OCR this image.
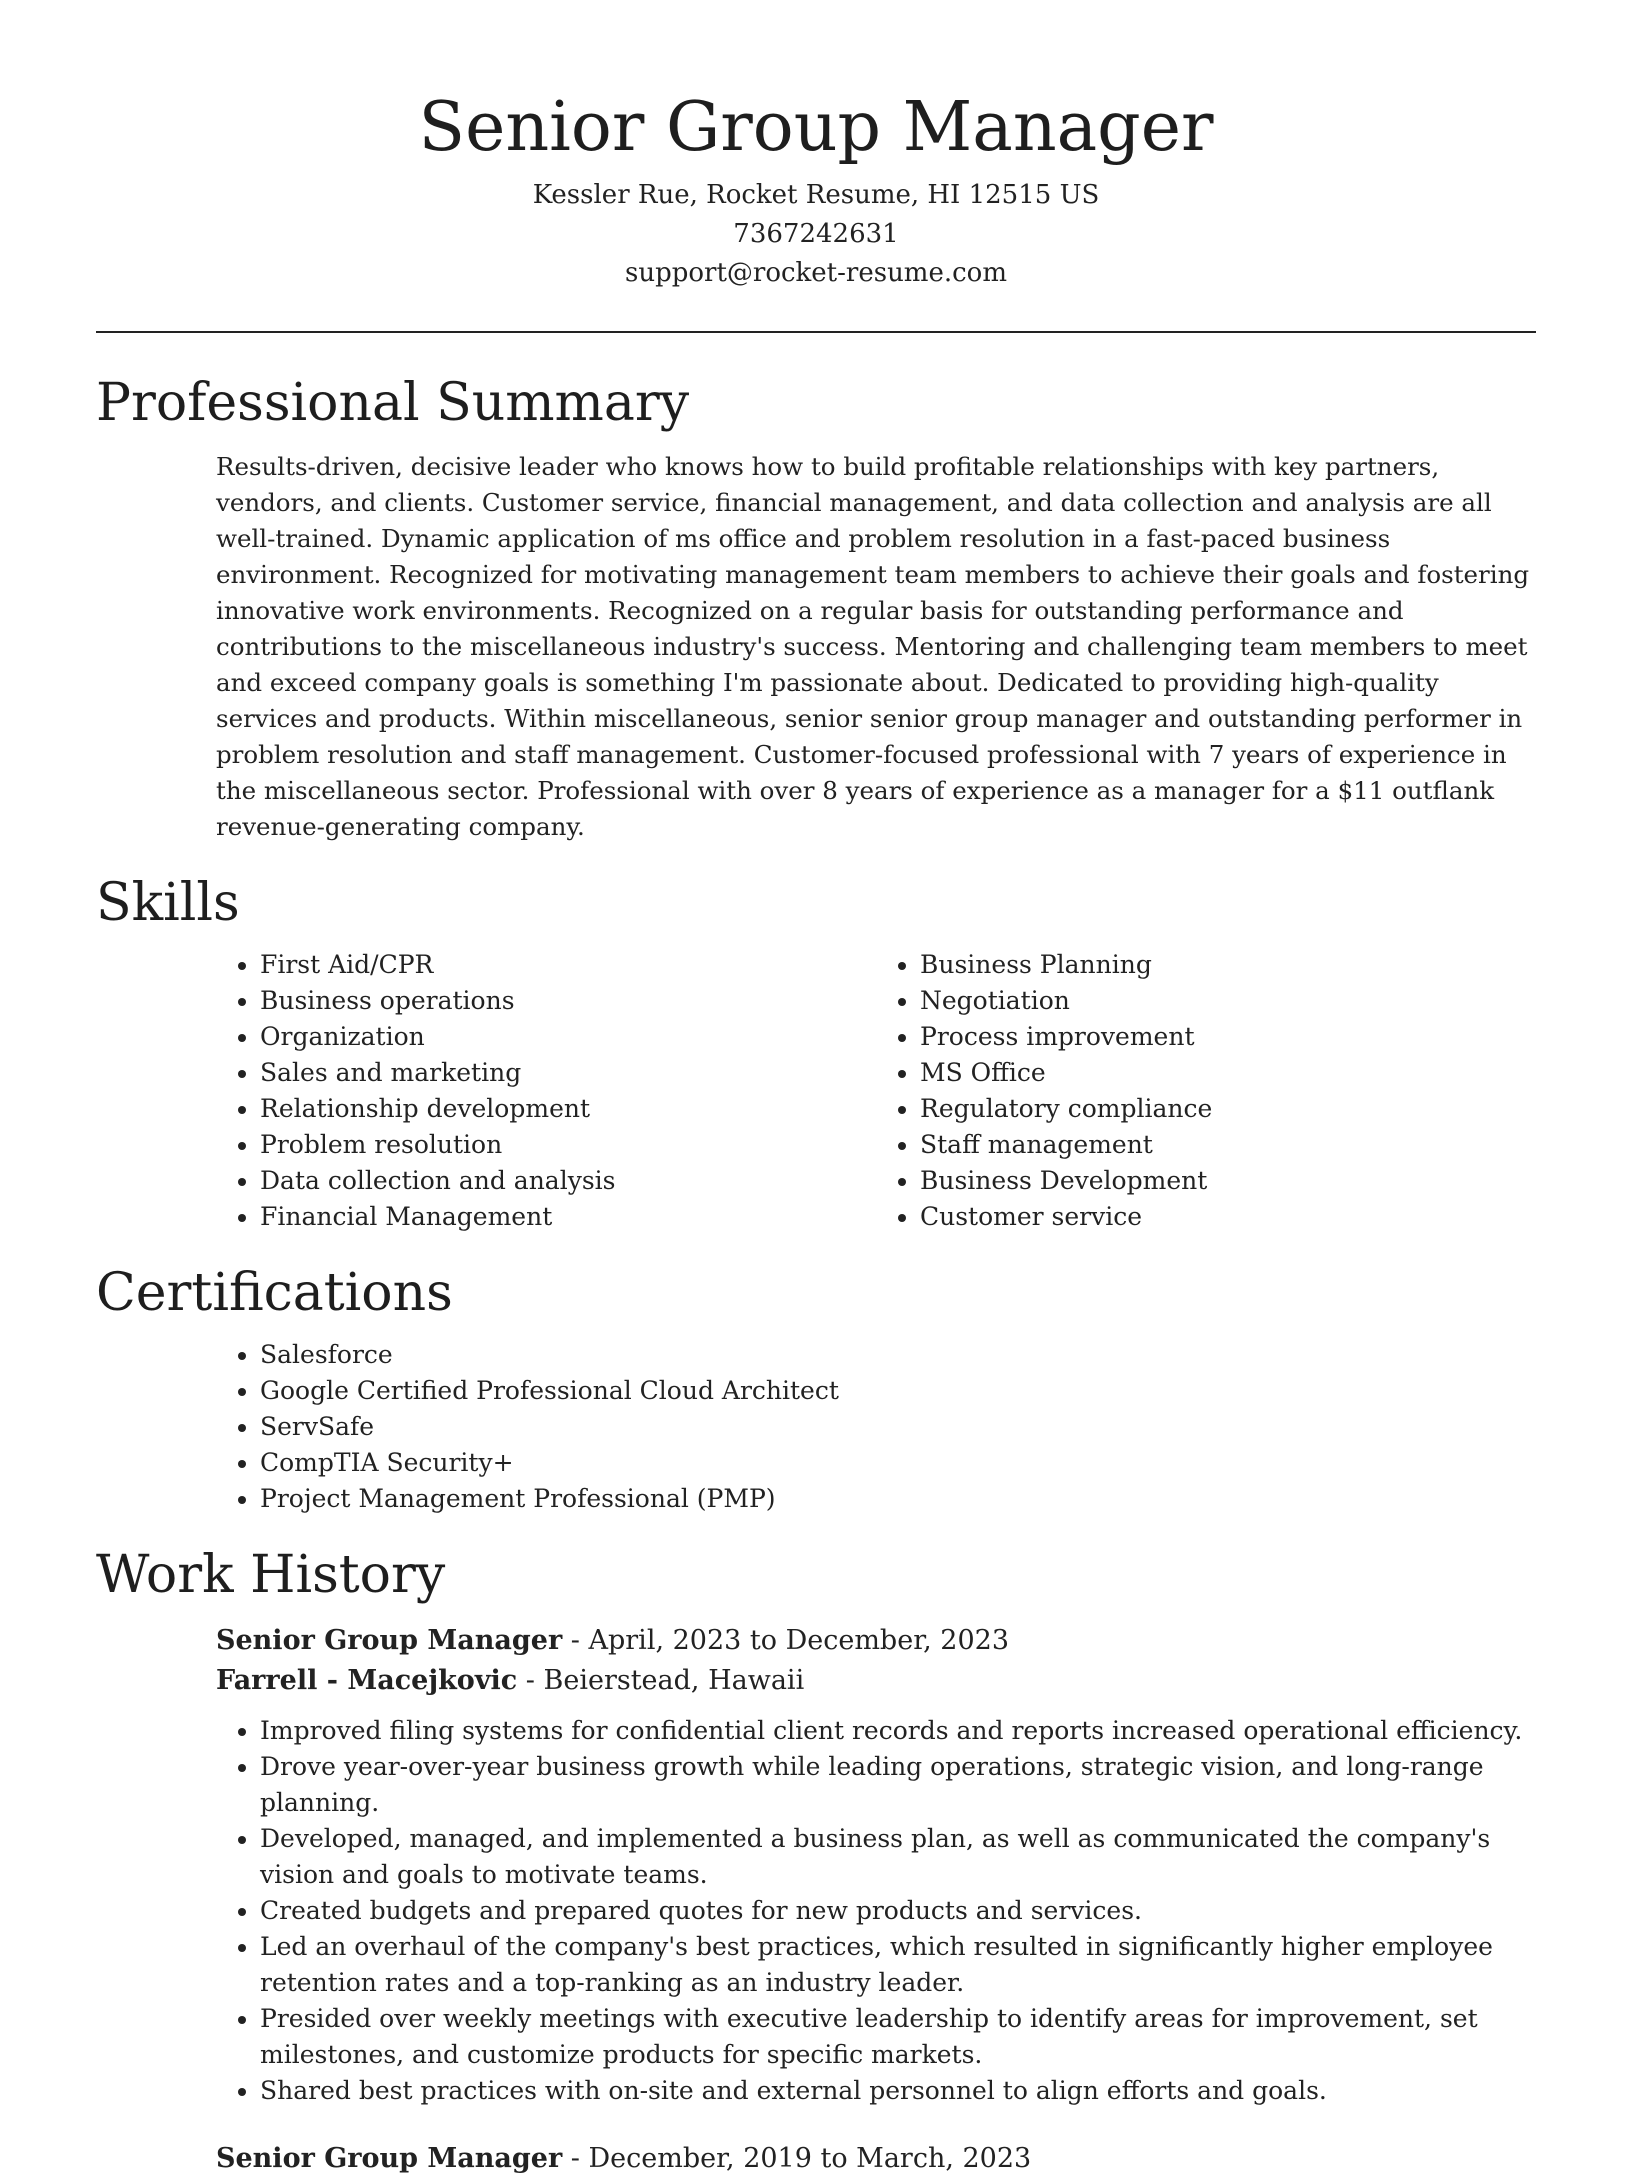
Senior Group Manager

Kessler Rue, Rocket Resume, HI 12515 US

7367242631

support@rocket-resume.com

Professional Summary

Results-driven, decisive leader who knows how to build profitable relationships with key partners, vendors, and clients. Customer service, financial management, and data collection and analysis are all well-trained. Dynamic application of ms office and problem resolution in a fast-paced business environment. Recognized for motivating management team members to achieve their goals and fostering innovative work environments. Recognized on a regular basis for outstanding performance and contributions to the miscellaneous industry's success. Mentoring and challenging team members to meet and exceed company goals is something I'm passionate about. Dedicated to providing high-quality services and products. Within miscellaneous, senior senior group manager and outstanding performer in problem resolution and staff management. Customer-focused professional with 7 years of experience in the miscellaneous sector. Professional with over 8 years of experience as a manager for a $11 outflank revenue-generating company.

Skills
• First Aid/CPR
• Business operations
• Organization
• Sales and marketing
• Relationship development
• Problem resolution
• Data collection and analysis
• Financial Management
• Business Planning
• Negotiation
• Process improvement
• MS Office
• Regulatory compliance
• Staff management
• Business Development
• Customer service
Certifications
• Salesforce
• Google Certified Professional Cloud Architect
• ServSafe
• CompTIA Security+
• Project Management Professional (PMP)
Work History
Senior Group Manager - April, 2023 to December, 2023
Farrell - Macejkovic - Beierstead, Hawaii
• Improved filing systems for confidential client records and reports increased operational efficiency.
• Drove year-over-year business growth while leading operations, strategic vision, and long-range planning.
• Developed, managed, and implemented a business plan, as well as communicated the company's vision and goals to motivate teams.
• Created budgets and prepared quotes for new products and services.
• Led an overhaul of the company's best practices, which resulted in significantly higher employee retention rates and a top-ranking as an industry leader.
• Presided over weekly meetings with executive leadership to identify areas for improvement, set milestones, and customize products for specific markets.
• Shared best practices with on-site and external personnel to align efforts and goals.
Senior Group Manager - December, 2019 to March, 2023
